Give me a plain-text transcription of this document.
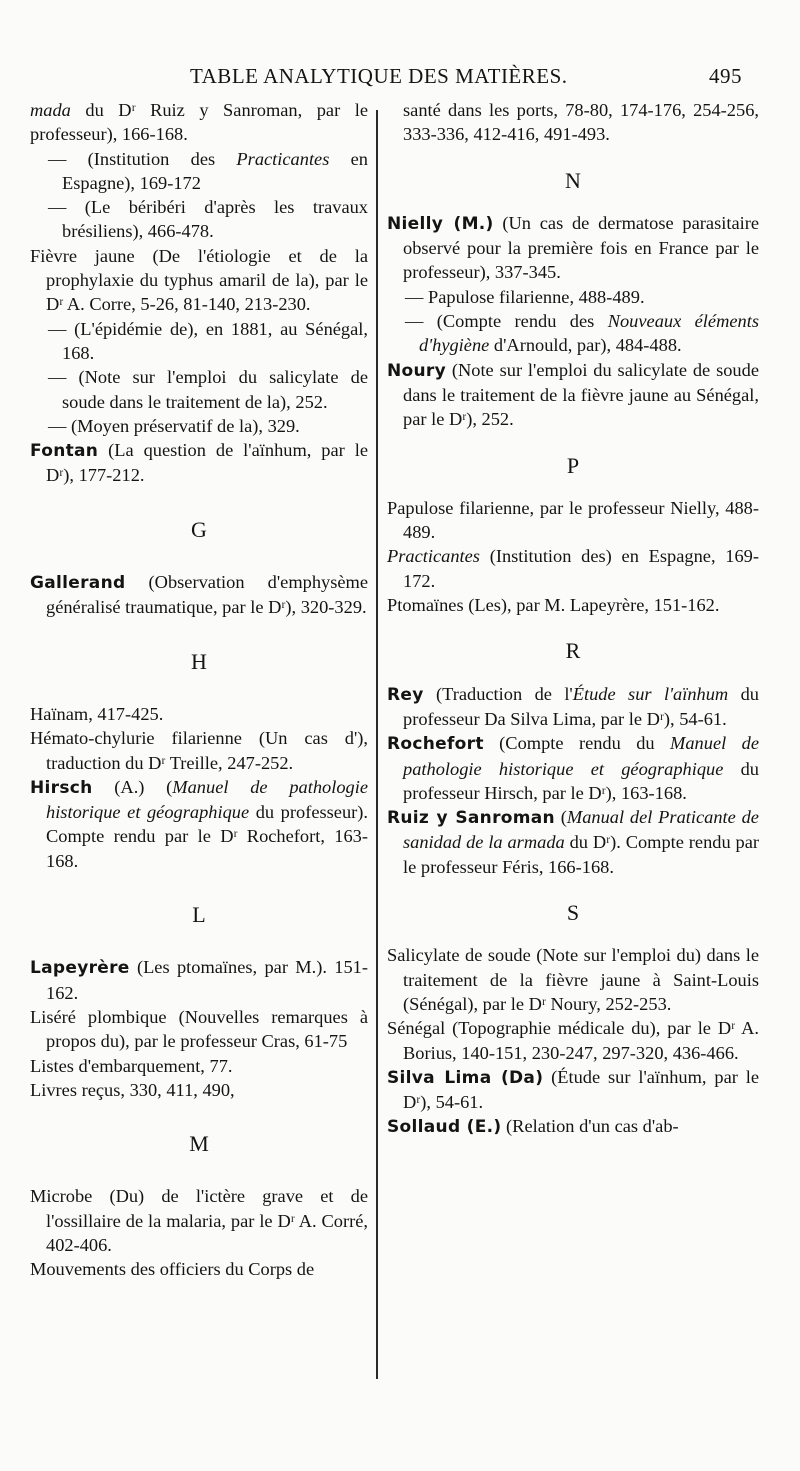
TABLE ANALYTIQUE DES MATIÈRES.	495
mada du Dʳ Ruiz y Sanroman, par le professeur), 166-168.
— (Institution des Practicantes en Espagne), 169-172
— (Le béribéri d'après les travaux brésiliens), 466-478.
Fièvre jaune (De l'étiologie et de la prophylaxie du typhus amaril de la), par le Dʳ A. Corre, 5-26, 81-140, 213-230.
— (L'épidémie de), en 1881, au Sénégal, 168.
— (Note sur l'emploi du salicylate de soude dans le traitement de la), 252.
— (Moyen préservatif de la), 329.
Fontan (La question de l'aïnhum, par le Dʳ), 177-212.
G
Gallerand (Observation d'emphysème généralisé traumatique, par le Dʳ), 320-329.
H
Haïnam, 417-425.
Hémato-chylurie filarienne (Un cas d'), traduction du Dʳ Treille, 247-252.
Hirsch (A.) (Manuel de pathologie historique et géographique du professeur). Compte rendu par le Dʳ Rochefort, 163-168.
L
Lapeyrère (Les ptomaïnes, par M.). 151-162.
Liséré plombique (Nouvelles remarques à propos du), par le professeur Cras, 61-75
Listes d'embarquement, 77.
Livres reçus, 330, 411, 490,
M
Microbe (Du) de l'ictère grave et de l'ossillaire de la malaria, par le Dʳ A. Corré, 402-406.
Mouvements des officiers du Corps de
santé dans les ports, 78-80, 174-176, 254-256, 333-336, 412-416, 491-493.
N
Nielly (M.) (Un cas de dermatose parasitaire observé pour la première fois en France par le professeur), 337-345.
— Papulose filarienne, 488-489.
— (Compte rendu des Nouveaux éléments d'hygiène d'Arnould, par), 484-488.
Noury (Note sur l'emploi du salicylate de soude dans le traitement de la fièvre jaune au Sénégal, par le Dʳ), 252.
P
Papulose filarienne, par le professeur Nielly, 488-489.
Practicantes (Institution des) en Espagne, 169-172.
Ptomaïnes (Les), par M. Lapeyrère, 151-162.
R
Rey (Traduction de l'Étude sur l'aïnhum du professeur Da Silva Lima, par le Dʳ), 54-61.
Rochefort (Compte rendu du Manuel de pathologie historique et géographique du professeur Hirsch, par le Dʳ), 163-168.
Ruiz y Sanroman (Manual del Praticante de sanidad de la armada du Dʳ). Compte rendu par le professeur Féris, 166-168.
S
Salicylate de soude (Note sur l'emploi du) dans le traitement de la fièvre jaune à Saint-Louis (Sénégal), par le Dʳ Noury, 252-253.
Sénégal (Topographie médicale du), par le Dʳ A. Borius, 140-151, 230-247, 297-320, 436-466.
Silva Lima (Da) (Étude sur l'aïnhum, par le Dʳ), 54-61.
Sollaud (E.) (Relation d'un cas d'ab-
